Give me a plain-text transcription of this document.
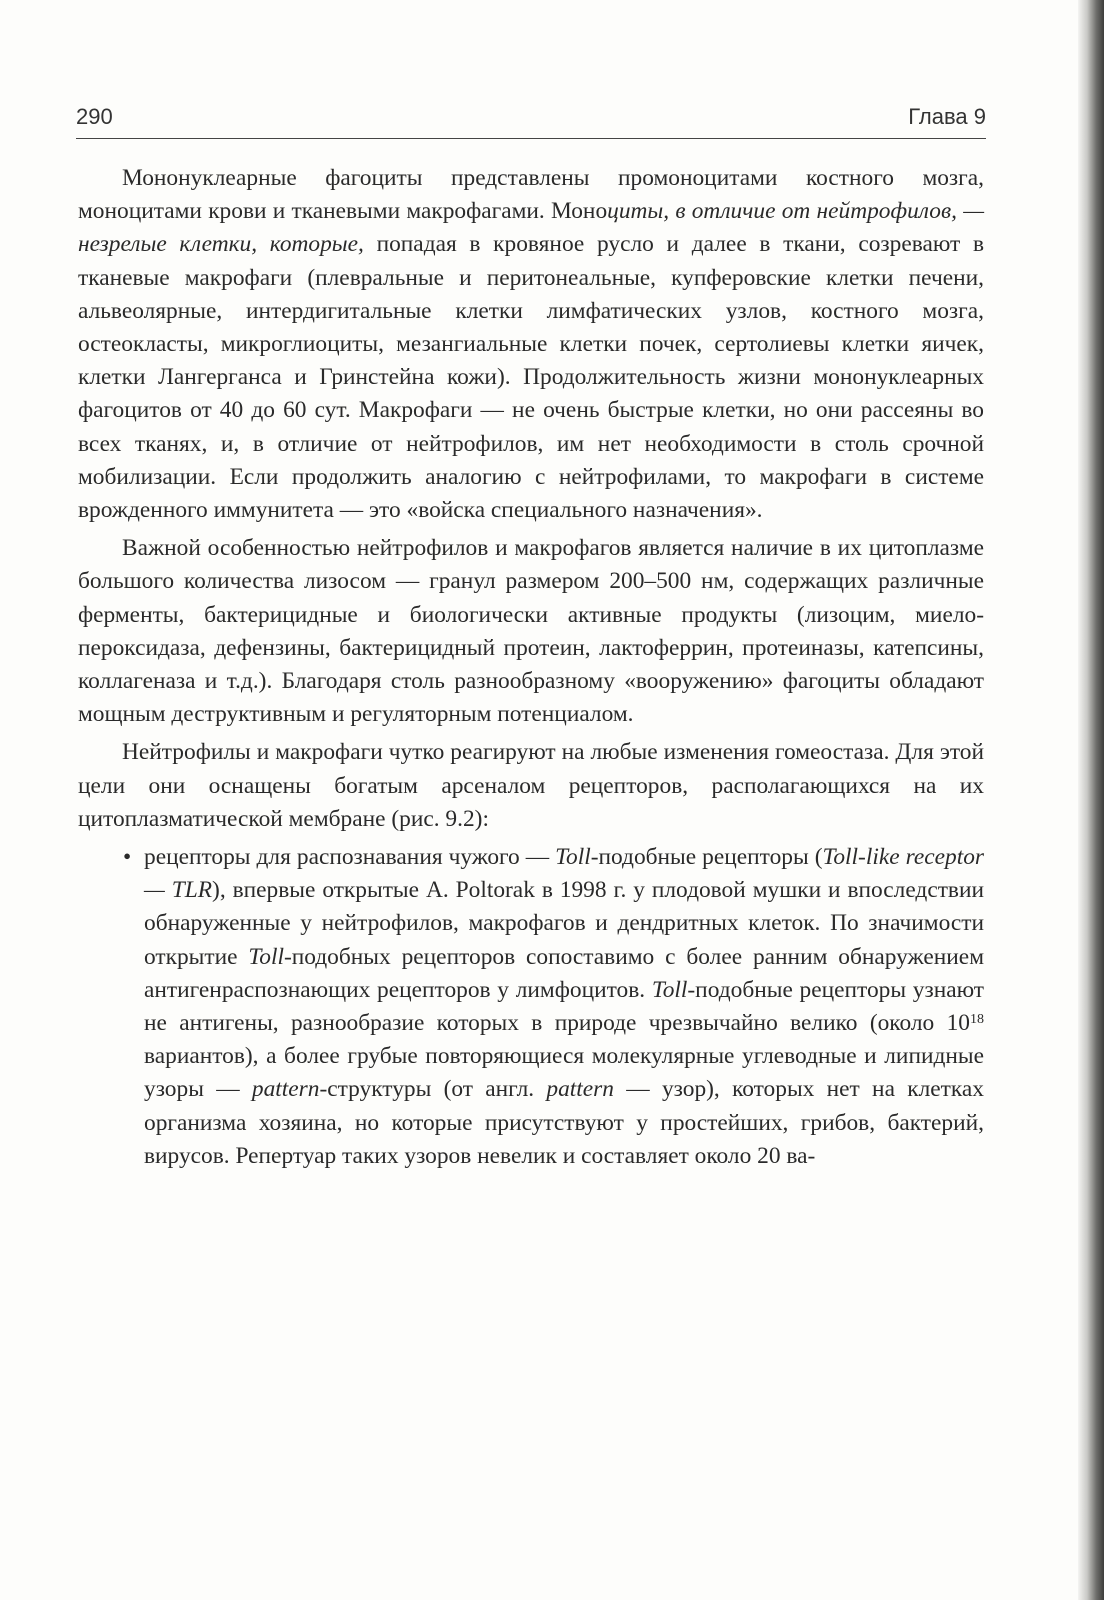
290	Глава 9

Мононуклеарные фагоциты представлены промоноцитами костного мозга, моноцитами крови и тканевыми макрофагами. Моноциты, в отличие от нейтрофилов, — незрелые клетки, которые, попадая в кровяное русло и далее в ткани, созревают в тканевые макрофаги (плевральные и перитонеальные, купферовские клетки печени, альвеолярные, интердигитальные клетки лимфатических узлов, костного мозга, остеокласты, микроглиоциты, мезангиальные клетки почек, сертолиевы клетки яичек, клетки Лангерганса и Гринстейна кожи). Продолжительность жизни мононуклеарных фагоцитов от 40 до 60 сут. Макрофаги — не очень быстрые клетки, но они рассеяны во всех тканях, и, в отличие от нейтрофилов, им нет необходимости в столь срочной мобилизации. Если продолжить аналогию с нейтрофилами, то макрофаги в системе врожденного иммунитета — это «войска специального назначения».

Важной особенностью нейтрофилов и макрофагов является наличие в их цитоплазме большого количества лизосом — гранул размером 200–500 нм, содержащих различные ферменты, бактерицидные и биологически активные продукты (лизоцим, миелопероксидаза, дефензины, бактерицидный протеин, лактоферрин, протеиназы, катепсины, коллагеназа и т.д.). Благодаря столь разнообразному «вооружению» фагоциты обладают мощным деструктивным и регуляторным потенциалом.

Нейтрофилы и макрофаги чутко реагируют на любые изменения гомеостаза. Для этой цели они оснащены богатым арсеналом рецепторов, располагающихся на их цитоплазматической мембране (рис. 9.2):

• рецепторы для распознавания чужого — Toll-подобные рецепторы (Toll-like receptor — TLR), впервые открытые A. Poltorak в 1998 г. у плодовой мушки и впоследствии обнаруженные у нейтрофилов, макрофагов и дендритных клеток. По значимости открытие Toll-подобных рецепторов сопоставимо с более ранним обнаружением антигенраспознающих рецепторов у лимфоцитов. Toll-подобные рецепторы узнают не антигены, разнообразие которых в природе чрезвычайно велико (около $10^{18}$ вариантов), а более грубые повторяющиеся молекулярные углеводные и липидные узоры — pattern-структуры (от англ. pattern — узор), которых нет на клетках организма хозяина, но которые присутствуют у простейших, грибов, бактерий, вирусов. Репертуар таких узоров невелик и составляет около 20 ва-
